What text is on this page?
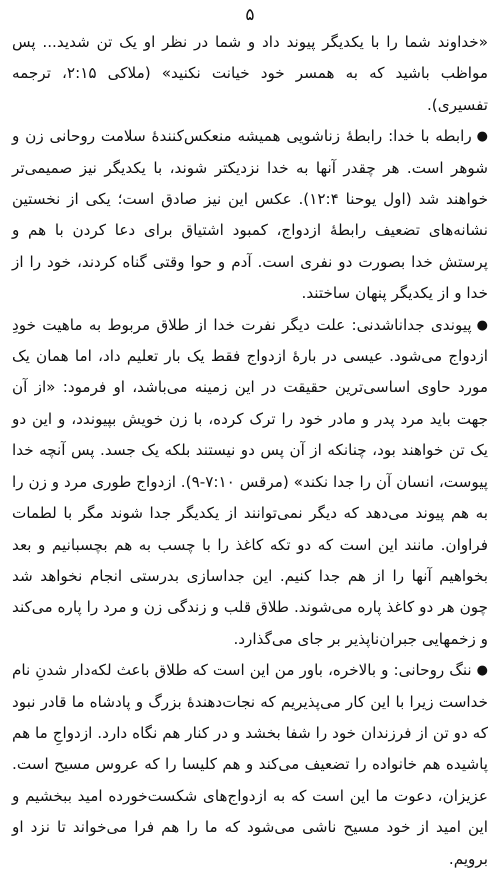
۵

«خداوند شما را با یکدیگر پیوند داد و شما در نظر او یک تن شدید... پس مواظب باشید که به همسر خود خیانت نکنید» (ملاکی ۲:۱۵، ترجمه تفسیری).

●رابطه با خدا: رابطهٔ زناشویی همیشه منعکس‌کنندهٔ سلامت روحانی زن و شوهر است. هر چقدر آنها به خدا نزدیکتر شوند، با یکدیگر نیز صمیمی‌تر خواهند شد (اول یوحنا ۱۲:۴). عکس این نیز صادق است؛ یکی از نخستین نشانه‌های تضعیف رابطهٔ ازدواج، کمبود اشتیاق برای دعا کردن با هم و پرستش خدا بصورت دو نفری است. آدم و حوا وقتی گناه کردند، خود را از خدا و از یکدیگر پنهان ساختند.

●پیوندی جداناشدنی: علت دیگر نفرت خدا از طلاق مربوط به ماهیت خودِ ازدواج می‌شود. عیسی در بارهٔ ازدواج فقط یک بار تعلیم داد، اما همان یک مورد حاوی اساسی‌ترین حقیقت در این زمینه می‌باشد، او فرمود: «از آن جهت باید مرد پدر و مادر خود را ترک کرده، با زن خویش بپیوندد، و این دو یک تن خواهند بود، چنانکه از آن پس دو نیستند بلکه یک جسد. پس آنچه خدا پیوست، انسان آن را جدا نکند» (مرقس ۷:۱۰-۹). ازدواج طوری مرد و زن را به هم پیوند می‌دهد که دیگر نمی‌توانند از یکدیگر جدا شوند مگر با لطمات فراوان. مانند این است که دو تکه کاغذ را با چسب به هم بچسبانیم و بعد بخواهیم آنها را از هم جدا کنیم. این جداسازی بدرستی انجام نخواهد شد چون هر دو کاغذ پاره می‌شوند. طلاق قلب و زندگی زن و مرد را پاره می‌کند و زخمهایی جبران‌ناپذیر بر جای می‌گذارد.

●ننگ روحانی: و بالاخره، باور من این است که طلاق باعث لکه‌دار شدنِ نام خداست زیرا با این کار می‌پذیریم که نجات‌دهندهٔ بزرگ و پادشاه ما قادر نبود که دو تن از فرزندان خود را شفا بخشد و در کنار هم نگاه دارد. ازدواجِ ما هم پاشیده هم خانواده را تضعیف می‌کند و هم کلیسا را که عروس مسیح است. عزیزان، دعوت ما این است که به ازدواج‌های شکست‌خورده امید ببخشیم و این امید از خود مسیح ناشی می‌شود که ما را هم فرا می‌خواند تا نزد او برویم.
